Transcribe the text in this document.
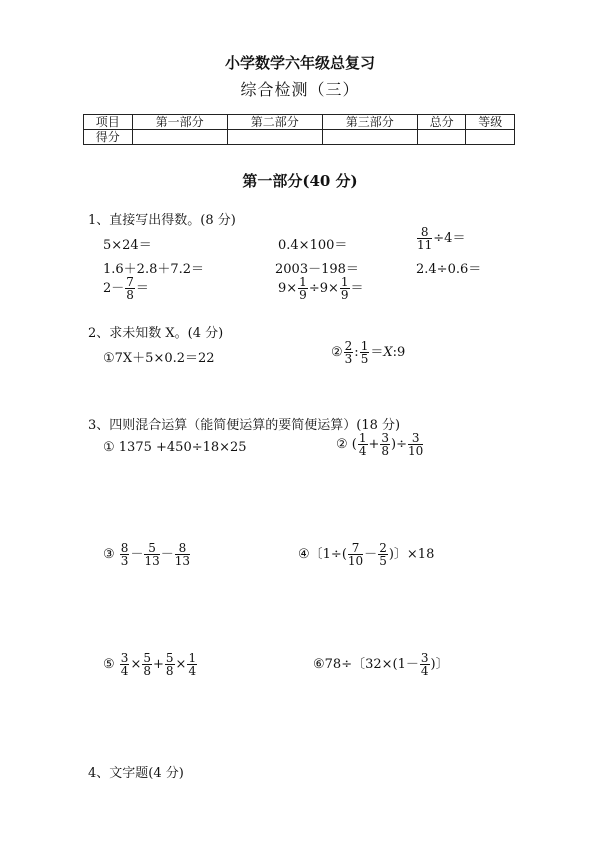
小学数学六年级总复习
综合检测（三）
项目	第一部分	第二部分	第三部分	总分	等级
得分					
第一部分(40 分)
1、直接写出得数。(8 分)
5×24＝	0.4×100＝	$\frac{8}{11} \div 4=$
1.6＋2.8＋7.2＝	2003－198＝	2.4÷0.6＝
$2- \frac{7}{8}$ ＝	$9\times \frac{1}{9} \div 9\times \frac{1}{9}$ ＝
2、求未知数 X。(4 分)
①7X＋5×0.2＝22	② $\frac{2}{3}$ : $\frac{1}{5}$ ＝X:9
3、四则混合运算（能简便运算的要简便运算）(18 分)
① 1375 +450÷18×25	② ( $\frac{1}{4} + \frac{3}{8}$ )÷ $\frac{3}{10}$
③ $\frac{8}{3} - \frac{5}{13} - \frac{8}{13}$	④〔$1\div( \frac{7}{10} - \frac{2}{5}$ )〕×18
⑤ $\frac{3}{4} \times \frac{5}{8} + \frac{5}{8} \times \frac{1}{4}$	⑥78÷〔$32\times(1- \frac{3}{4}$ )〕
4、文字题(4 分)
